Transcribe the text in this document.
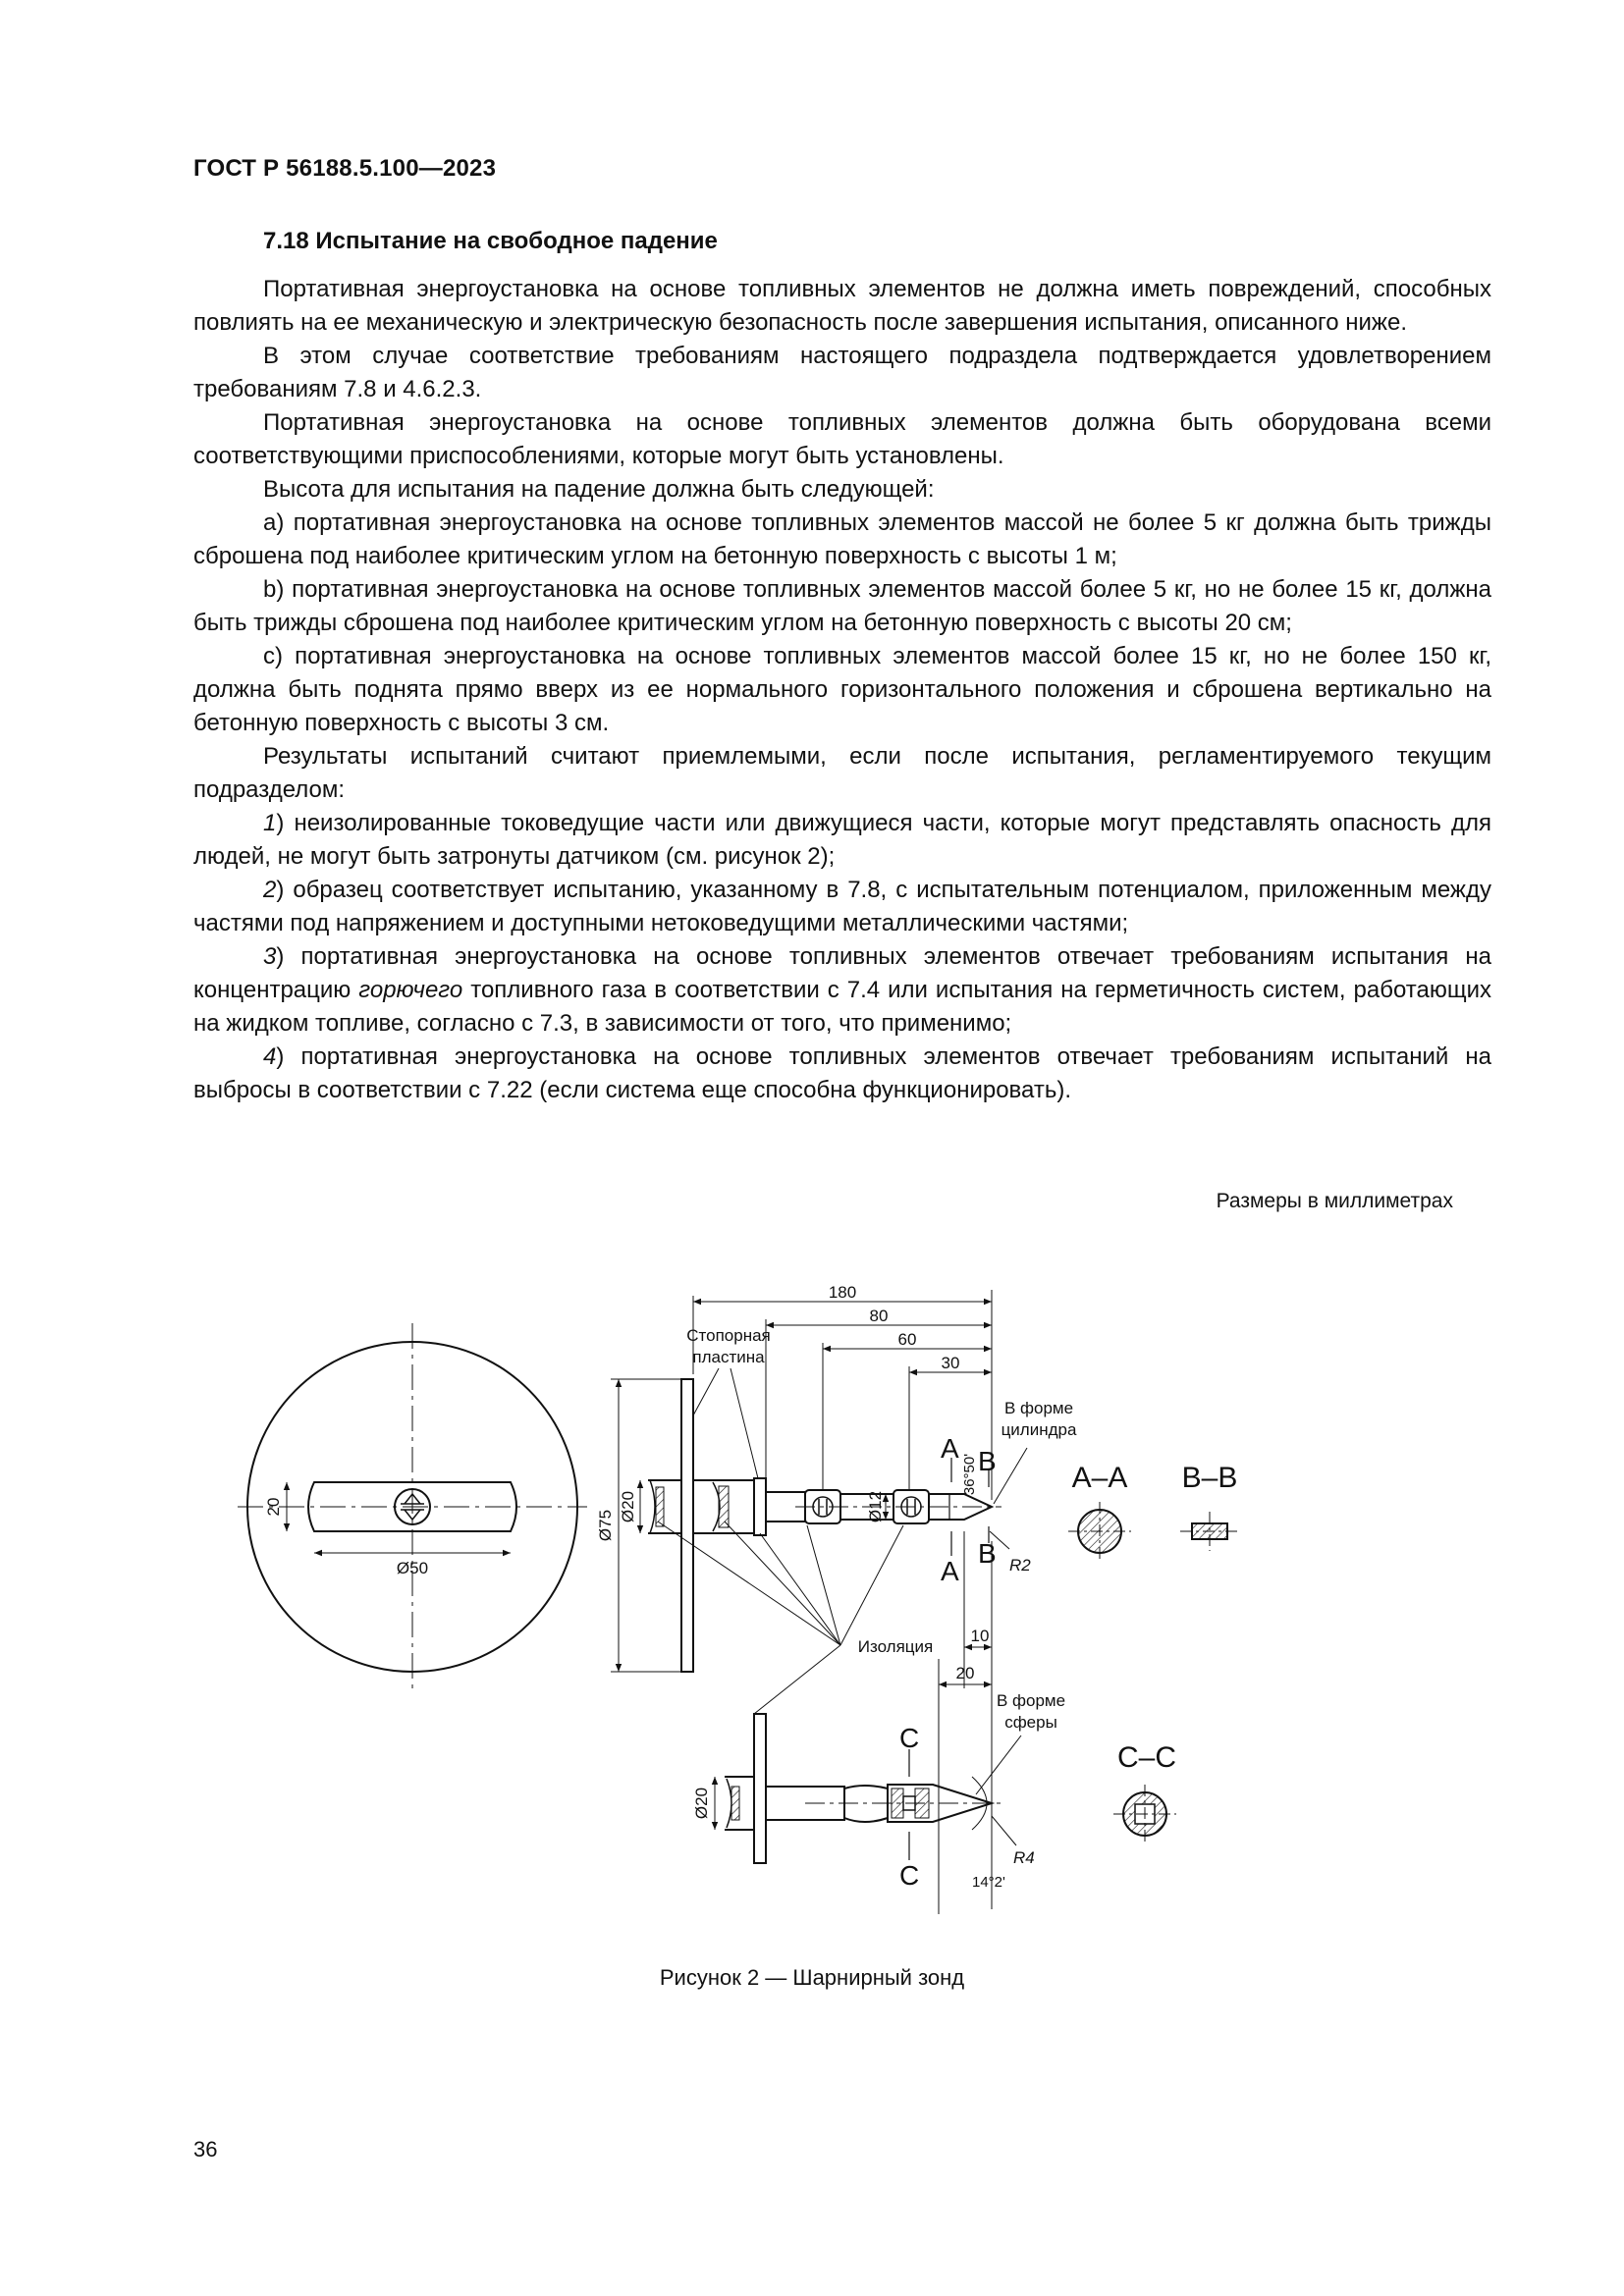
ГОСТ Р 56188.5.100—2023
7.18 Испытание на свободное падение

Портативная энергоустановка на основе топливных элементов не должна иметь повреждений, способных повлиять на ее механическую и электрическую безопасность после завершения испытания, описанного ниже.

В этом случае соответствие требованиям настоящего подраздела подтверждается удовлетворением требованиям 7.8 и 4.6.2.3.

Портативная энергоустановка на основе топливных элементов должна быть оборудована всеми соответствующими приспособлениями, которые могут быть установлены.

Высота для испытания на падение должна быть следующей:

a) портативная энергоустановка на основе топливных элементов массой не более 5 кг должна быть трижды сброшена под наиболее критическим углом на бетонную поверхность с высоты 1 м;

b) портативная энергоустановка на основе топливных элементов массой более 5 кг, но не более 15 кг, должна быть трижды сброшена под наиболее критическим углом на бетонную поверхность с высоты 20 см;

c) портативная энергоустановка на основе топливных элементов массой более 15 кг, но не более 150 кг, должна быть поднята прямо вверх из ее нормального горизонтального положения и сброшена вертикально на бетонную поверхность с высоты 3 см.

Результаты испытаний считают приемлемыми, если после испытания, регламентируемого текущим подразделом:

1) неизолированные токоведущие части или движущиеся части, которые могут представлять опасность для людей, не могут быть затронуты датчиком (см. рисунок 2);

2) образец соответствует испытанию, указанному в 7.8, с испытательным потенциалом, приложенным между частями под напряжением и доступными нетоковедущими металлическими частями;

3) портативная энергоустановка на основе топливных элементов отвечает требованиям испытания на концентрацию горючего топливного газа в соответствии с 7.4 или испытания на герметичность систем, работающих на жидком топливе, согласно с 7.3, в зависимости от того, что применимо;

4) портативная энергоустановка на основе топливных элементов отвечает требованиям испытаний на выбросы в соответствии с 7.22 (если система еще способна функционировать).

Размеры в миллиметрах
Ø50
20	Ø20
Ø75
Ø12
36°50'
R2
A
A
B
B
Стопорная
пластина
180
80
60
30
В форме
цилиндра
A–A B–B
Изоляция
10
20
В форме
сферы
Ø20
C
C
R4
14°2'
C–C
Рисунок 2 — Шарнирный зонд
36
